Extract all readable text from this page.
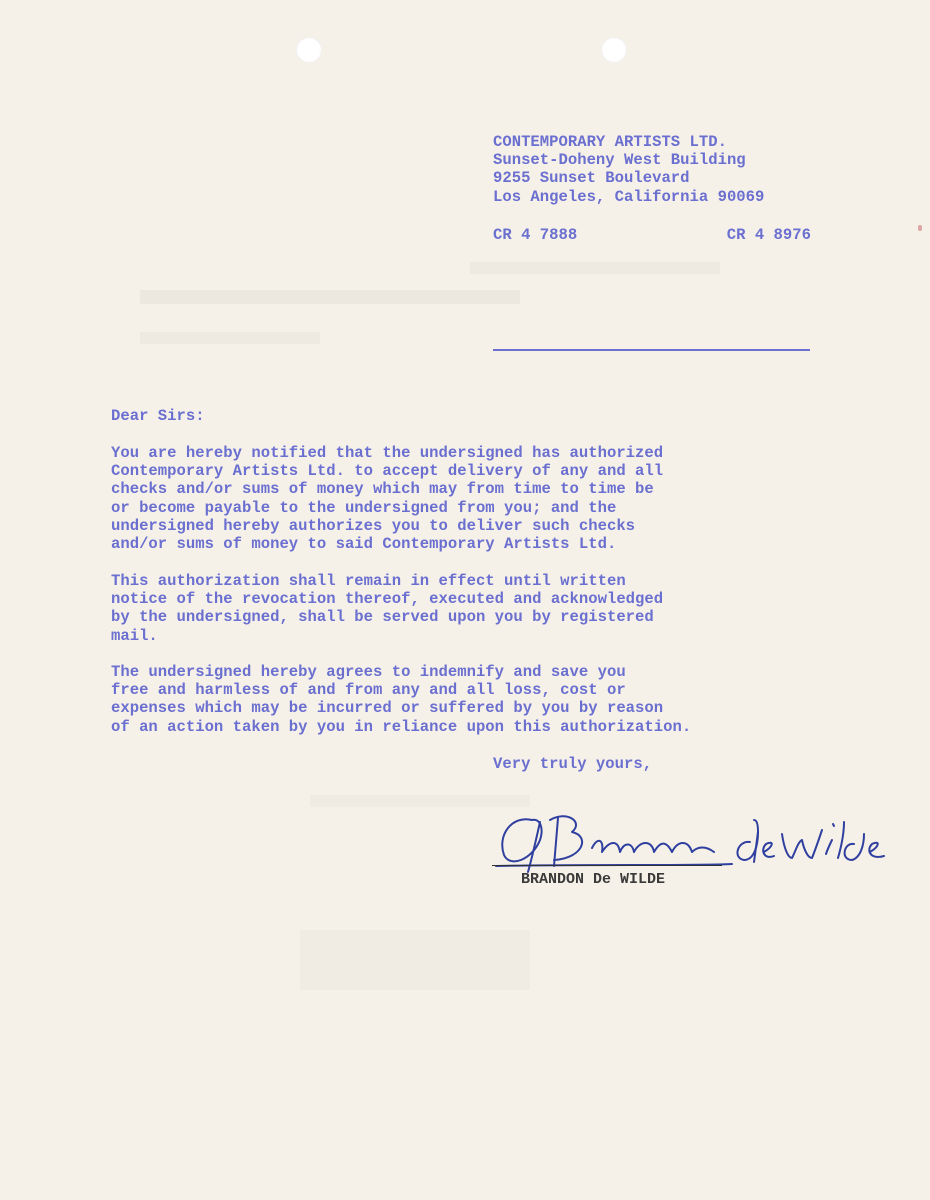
CONTEMPORARY ARTISTS LTD.

Sunset-Doheny West Building

9255 Sunset Boulevard

Los Angeles, California 90069

CR 4 7888	CR 4 8976

Dear Sirs:

You are hereby notified that the undersigned has authorized
Contemporary Artists Ltd. to accept delivery of any and all
checks and/or sums of money which may from time to time be
or become payable to the undersigned from you; and the
undersigned hereby authorizes you to deliver such checks
and/or sums of money to said Contemporary Artists Ltd.

This authorization shall remain in effect until written
notice of the revocation thereof, executed and acknowledged
by the undersigned, shall be served upon you by registered
mail.

The undersigned hereby agrees to indemnify and save you
free and harmless of and from any and all loss, cost or
expenses which may be incurred or suffered by you by reason
of an action taken by you in reliance upon this authorization.

Very truly yours,

BRANDON De WILDE
